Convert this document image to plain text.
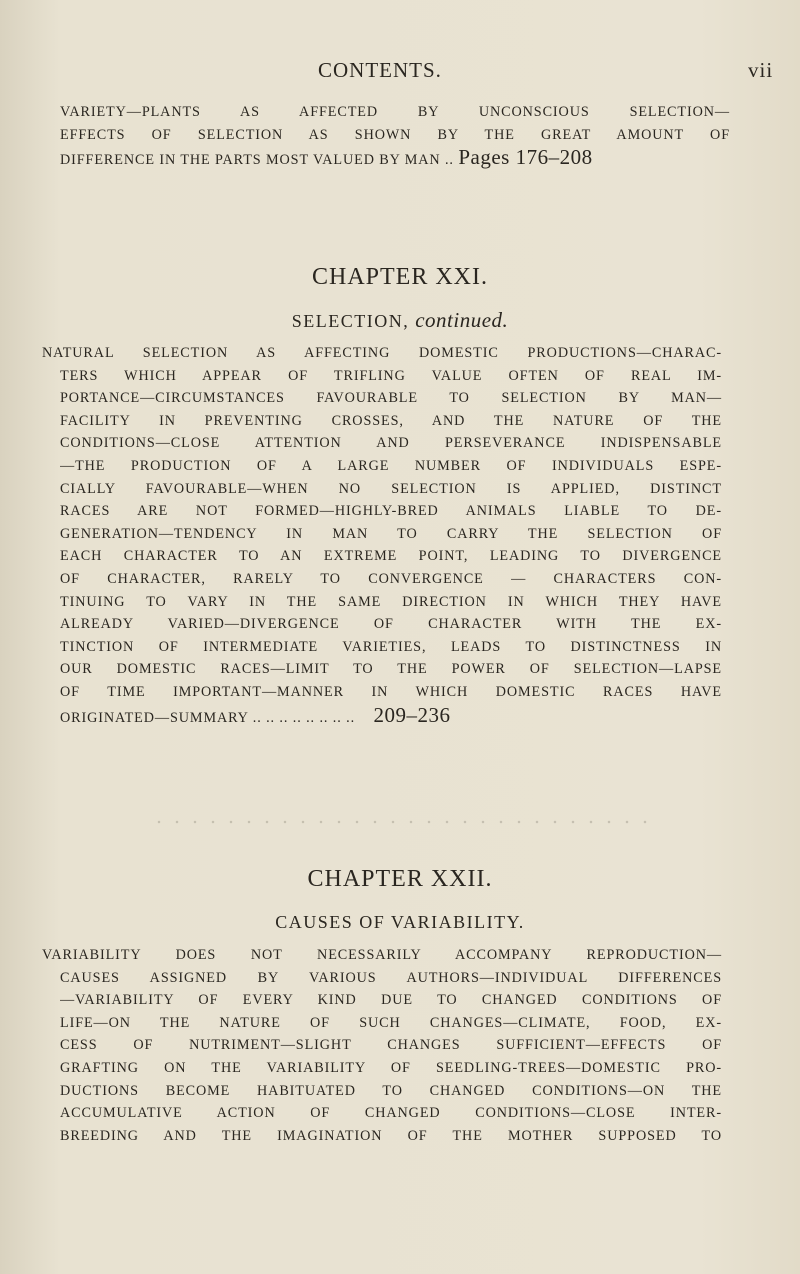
CONTENTS.	vii
VARIETY—PLANTS AS AFFECTED BY UNCONSCIOUS SELECTION—
EFFECTS OF SELECTION AS SHOWN BY THE GREAT AMOUNT OF
DIFFERENCE IN THE PARTS MOST VALUED BY MAN .. Pages 176–208
CHAPTER XXI.
SELECTION, continued.
NATURAL SELECTION AS AFFECTING DOMESTIC PRODUCTIONS—CHARAC-
TERS WHICH APPEAR OF TRIFLING VALUE OFTEN OF REAL IM-
PORTANCE—CIRCUMSTANCES FAVOURABLE TO SELECTION BY MAN—
FACILITY IN PREVENTING CROSSES, AND THE NATURE OF THE
CONDITIONS—CLOSE ATTENTION AND PERSEVERANCE INDISPENSABLE
—THE PRODUCTION OF A LARGE NUMBER OF INDIVIDUALS ESPE-
CIALLY FAVOURABLE—WHEN NO SELECTION IS APPLIED, DISTINCT
RACES ARE NOT FORMED—HIGHLY-BRED ANIMALS LIABLE TO DE-
GENERATION—TENDENCY IN MAN TO CARRY THE SELECTION OF
EACH CHARACTER TO AN EXTREME POINT, LEADING TO DIVERGENCE
OF CHARACTER, RARELY TO CONVERGENCE — CHARACTERS CON-
TINUING TO VARY IN THE SAME DIRECTION IN WHICH THEY HAVE
ALREADY VARIED—DIVERGENCE OF CHARACTER WITH THE EX-
TINCTION OF INTERMEDIATE VARIETIES, LEADS TO DISTINCTNESS IN
OUR DOMESTIC RACES—LIMIT TO THE POWER OF SELECTION—LAPSE
OF TIME IMPORTANT—MANNER IN WHICH DOMESTIC RACES HAVE
ORIGINATED—SUMMARY .. .. .. .. .. .. .. .. 209–236
CHAPTER XXII.
CAUSES OF VARIABILITY.
VARIABILITY DOES NOT NECESSARILY ACCOMPANY REPRODUCTION—
CAUSES ASSIGNED BY VARIOUS AUTHORS—INDIVIDUAL DIFFERENCES
—VARIABILITY OF EVERY KIND DUE TO CHANGED CONDITIONS OF
LIFE—ON THE NATURE OF SUCH CHANGES—CLIMATE, FOOD, EX-
CESS OF NUTRIMENT—SLIGHT CHANGES SUFFICIENT—EFFECTS OF
GRAFTING ON THE VARIABILITY OF SEEDLING-TREES—DOMESTIC PRO-
DUCTIONS BECOME HABITUATED TO CHANGED CONDITIONS—ON THE
ACCUMULATIVE ACTION OF CHANGED CONDITIONS—CLOSE INTER-
BREEDING AND THE IMAGINATION OF THE MOTHER SUPPOSED TO
